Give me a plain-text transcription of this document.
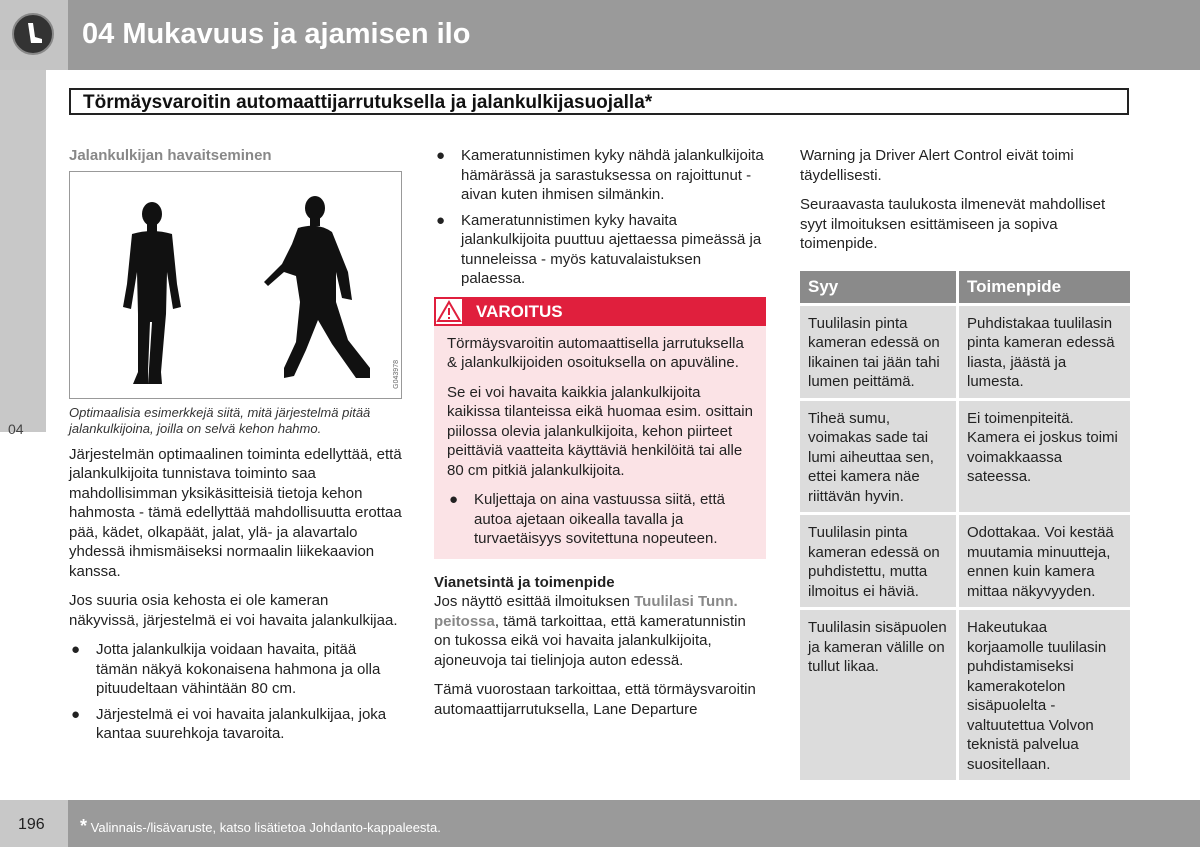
04 Mukavuus ja ajamisen ilo
04
Törmäysvaroitin automaattijarrutuksella ja jalankulkijasuojalla*
Jalankulkijan havaitseminen
G043978
Optimaalisia esimerkkejä siitä, mitä järjestelmä pitää jalankulkijoina, joilla on selvä kehon hahmo.

Järjestelmän optimaalinen toiminta edellyttää, että jalankulkijoita tunnistava toiminto saa mahdollisimman yksikäsitteisiä tietoja kehon hahmosta - tämä edellyttää mahdollisuutta erottaa pää, kädet, olkapäät, jalat, ylä- ja alavartalo yhdessä ihmismäiseksi normaalin liikekaavion kanssa.

Jos suuria osia kehosta ei ole kameran näkyvissä, järjestelmä ei voi havaita jalankulkijaa.

● Jotta jalankulkija voidaan havaita, pitää tämän näkyä kokonaisena hahmona ja olla pituudeltaan vähintään 80 cm.
● Järjestelmä ei voi havaita jalankulkijaa, joka kantaa suurehkoja tavaroita.
● Kameratunnistimen kyky nähdä jalankulkijoita hämärässä ja sarastuksessa on rajoittunut - aivan kuten ihmisen silmänkin.
● Kameratunnistimen kyky havaita jalankulkijoita puuttuu ajettaessa pimeässä ja tunneleissa - myös katuvalaistuksen palaessa.
VAROITUS

Törmäysvaroitin automaattisella jarrutuksella & jalankulkijoiden osoituksella on apuväline.

Se ei voi havaita kaikkia jalankulkijoita kaikissa tilanteissa eikä huomaa esim. osittain piilossa olevia jalankulkijoita, kehon piirteet peittäviä vaatteita käyttäviä henkilöitä tai alle 80 cm pitkiä jalankulkijoita.

● Kuljettaja on aina vastuussa siitä, että autoa ajetaan oikealla tavalla ja turvaetäisyys sovitettuna nopeuteen.
Vianetsintä ja toimenpide

Jos näyttö esittää ilmoituksen Tuulilasi Tunn. peitossa, tämä tarkoittaa, että kameratunnistin on tukossa eikä voi havaita jalankulkijoita, ajoneuvoja tai tielinjoja auton edessä.

Tämä vuorostaan tarkoittaa, että törmäysvaroitin automaattijarrutuksella, Lane Departure

Warning ja Driver Alert Control eivät toimi täydellisesti.

Seuraavasta taulukosta ilmenevät mahdolliset syyt ilmoituksen esittämiseen ja sopiva toimenpide.

Syy	Toimenpide
Tuulilasin pinta kameran edessä on likainen tai jään tahi lumen peittämä.	Puhdistakaa tuulilasin pinta kameran edessä liasta, jäästä ja lumesta.
Tiheä sumu, voimakas sade tai lumi aiheuttaa sen, ettei kamera näe riittävän hyvin.	Ei toimenpiteitä. Kamera ei joskus toimi voimakkaassa sateessa.
Tuulilasin pinta kameran edessä on puhdistettu, mutta ilmoitus ei häviä.	Odottakaa. Voi kestää muutamia minuutteja, ennen kuin kamera mittaa näkyvyyden.
Tuulilasin sisäpuolen ja kameran välille on tullut likaa.	Hakeutukaa korjaamolle tuulilasin puhdistamiseksi kamerakotelon sisäpuolelta - valtuutettua Volvon teknistä palvelua suositellaan.
196 * Valinnais-/lisävaruste, katso lisätietoa Johdanto-kappaleesta.
